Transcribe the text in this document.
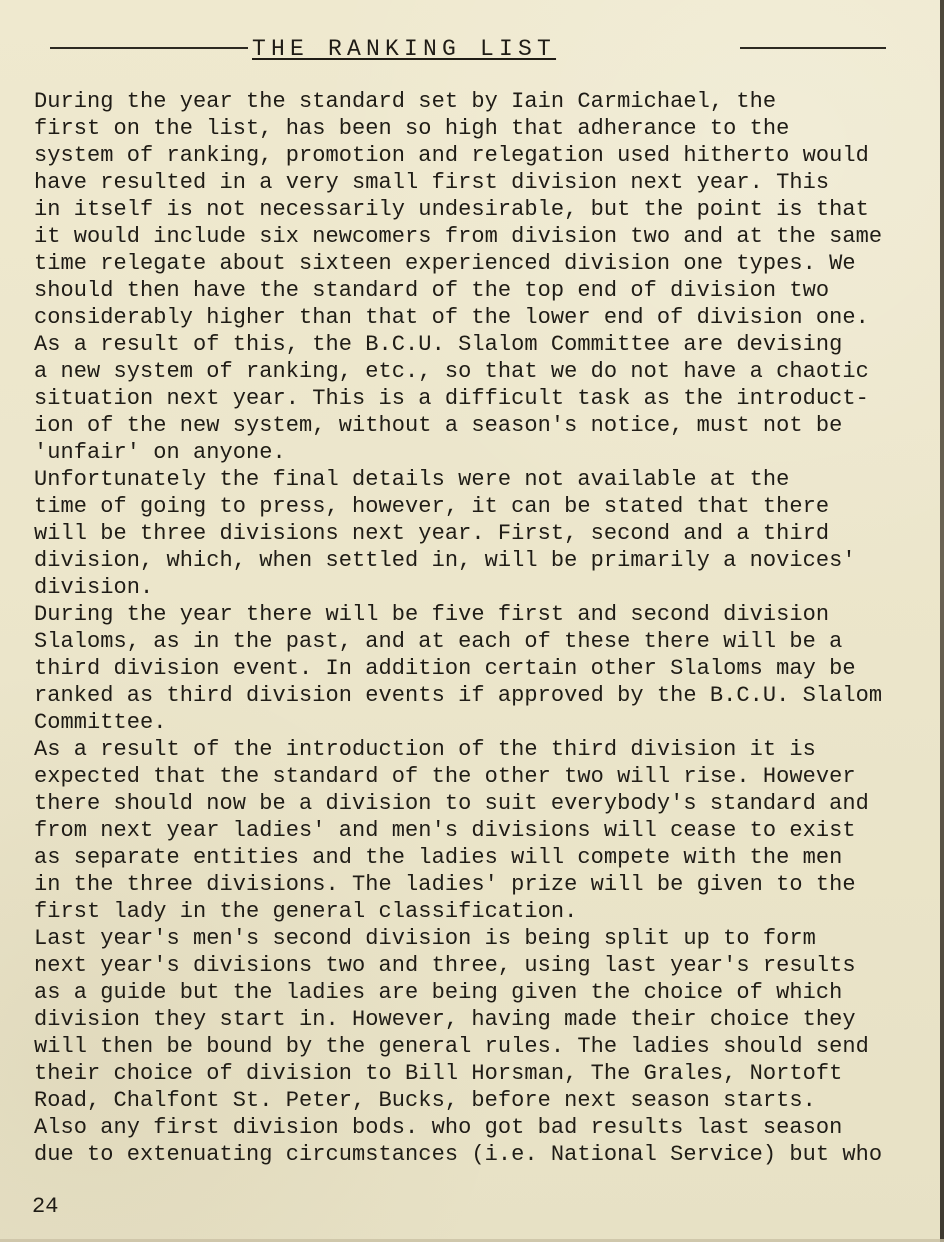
THE RANKING LIST
During the year the standard set by Iain Carmichael, the
first on the list, has been so high that adherance to the
system of ranking, promotion and relegation used hitherto would
have resulted in a very small first division next year. This
in itself is not necessarily undesirable, but the point is that
it would include six newcomers from division two and at the same
time relegate about sixteen experienced division one types. We
should then have the standard of the top end of division two
considerably higher than that of the lower end of division one.
As a result of this, the B.C.U. Slalom Committee are devising
a new system of ranking, etc., so that we do not have a chaotic
situation next year. This is a difficult task as the introduct-
ion of the new system, without a season's notice, must not be
'unfair' on anyone.
Unfortunately the final details were not available at the
time of going to press, however, it can be stated that there
will be three divisions next year. First, second and a third
division, which, when settled in, will be primarily a novices'
division.
During the year there will be five first and second division
Slaloms, as in the past, and at each of these there will be a
third division event. In addition certain other Slaloms may be
ranked as third division events if approved by the B.C.U. Slalom
Committee.
As a result of the introduction of the third division it is
expected that the standard of the other two will rise. However
there should now be a division to suit everybody's standard and
from next year ladies' and men's divisions will cease to exist
as separate entities and the ladies will compete with the men
in the three divisions. The ladies' prize will be given to the
first lady in the general classification.
Last year's men's second division is being split up to form
next year's divisions two and three, using last year's results
as a guide but the ladies are being given the choice of which
division they start in. However, having made their choice they
will then be bound by the general rules. The ladies should send
their choice of division to Bill Horsman, The Grales, Nortoft
Road, Chalfont St. Peter, Bucks, before next season starts.
Also any first division bods. who got bad results last season
due to extenuating circumstances (i.e. National Service) but who
24
